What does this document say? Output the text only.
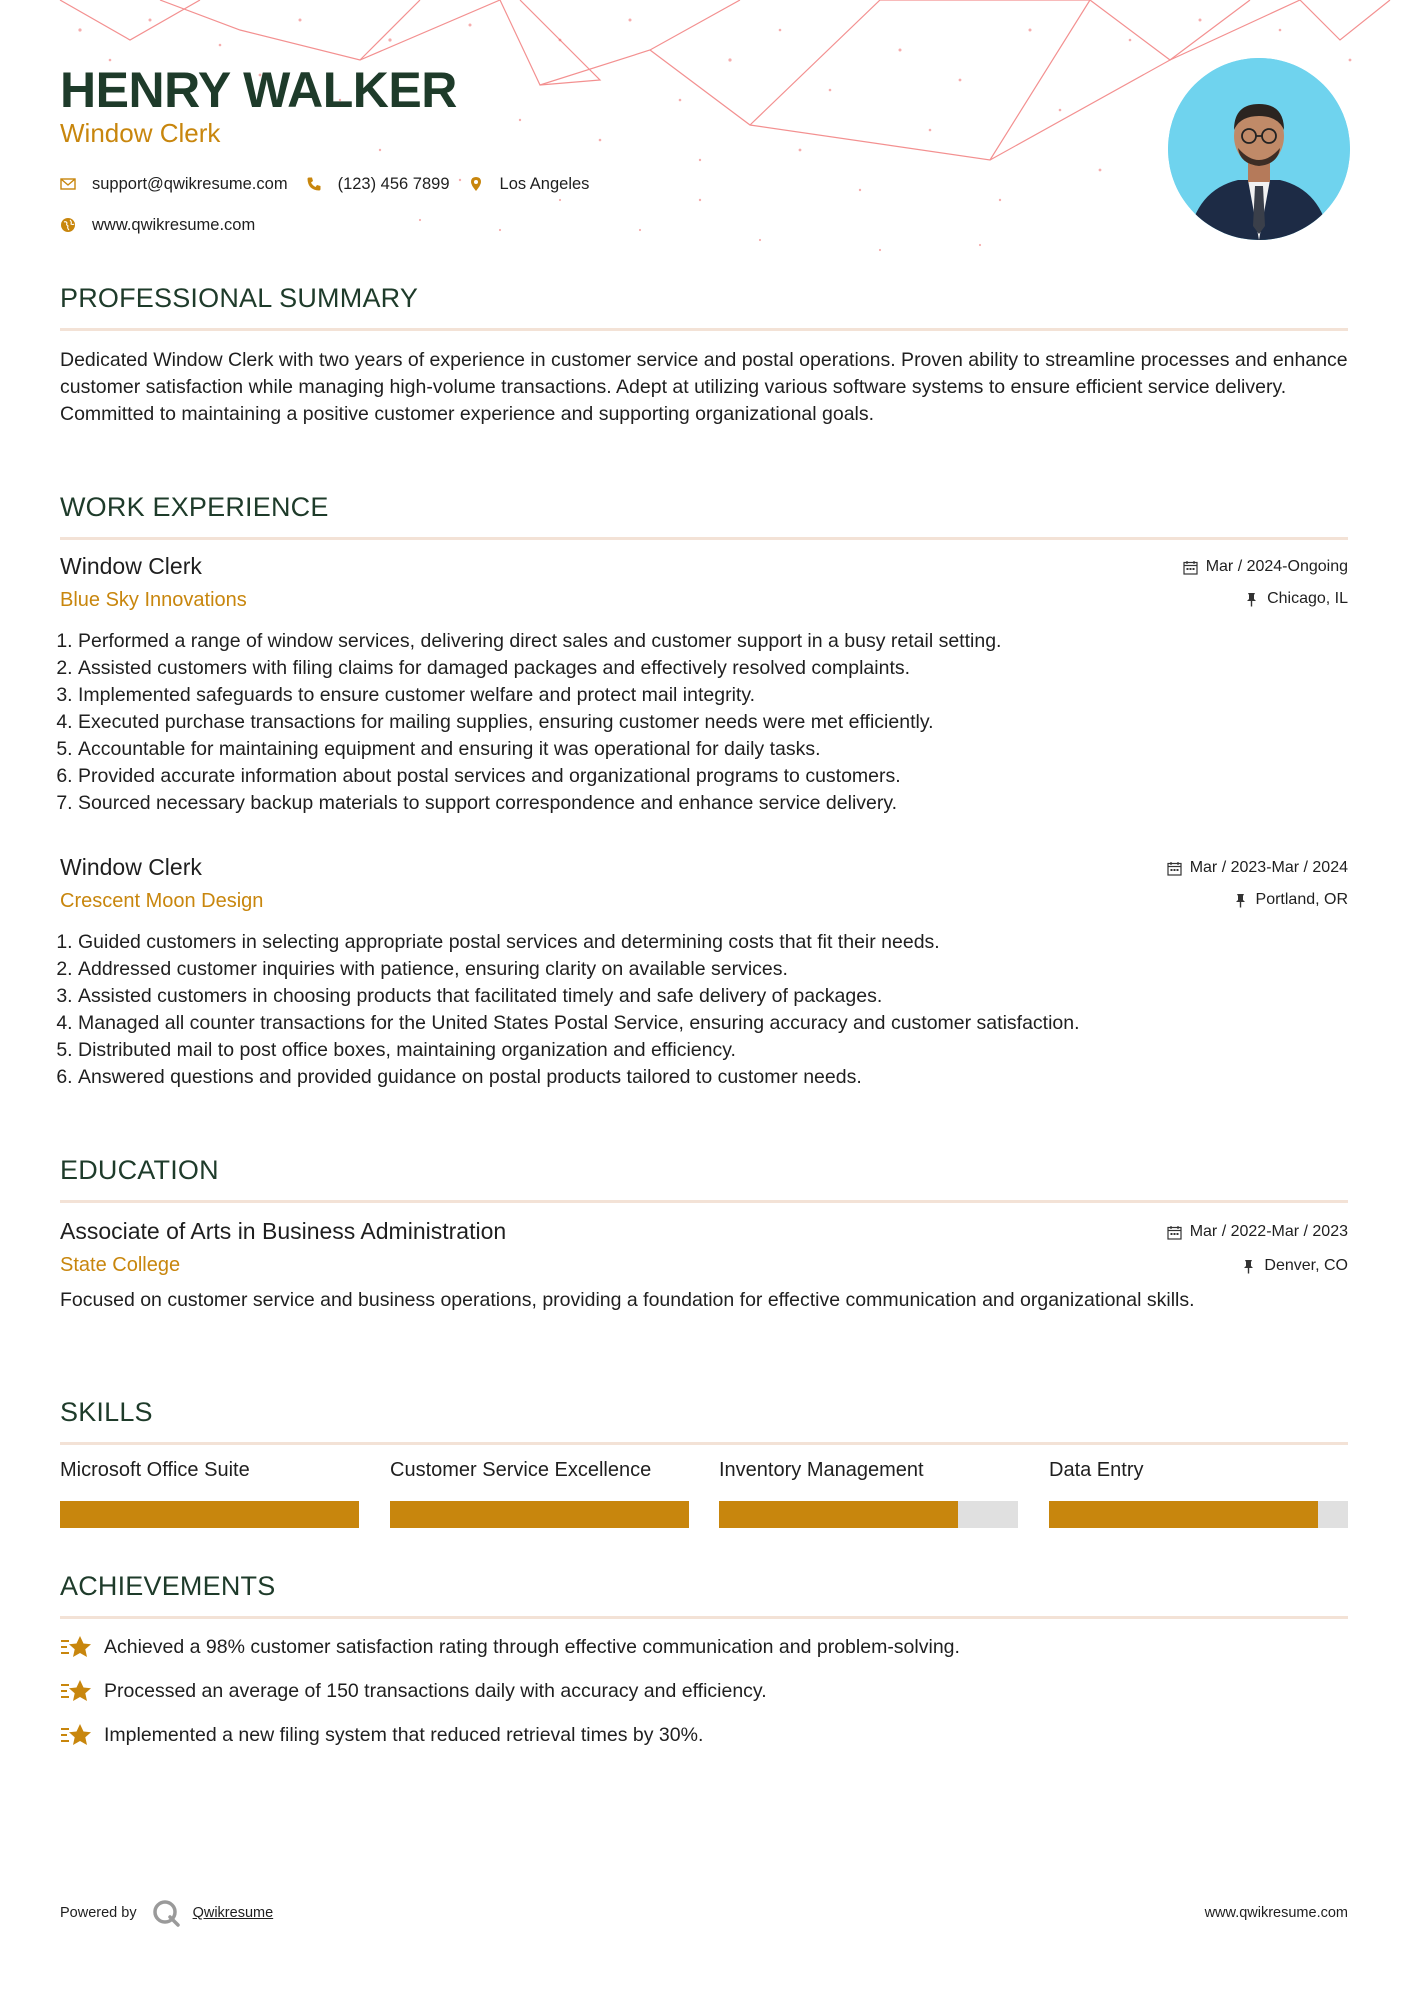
HENRY WALKER
Window Clerk
support@qwikresume.com	(123) 456 7899	Los Angeles
www.qwikresume.com
PROFESSIONAL SUMMARY
Dedicated Window Clerk with two years of experience in customer service and postal operations. Proven ability to streamline processes and enhance customer satisfaction while managing high-volume transactions. Adept at utilizing various software systems to ensure efficient service delivery. Committed to maintaining a positive customer experience and supporting organizational goals.
WORK EXPERIENCE
Window Clerk
Blue Sky Innovations
Mar / 2024-Ongoing
Chicago, IL
1. Performed a range of window services, delivering direct sales and customer support in a busy retail setting.
2. Assisted customers with filing claims for damaged packages and effectively resolved complaints.
3. Implemented safeguards to ensure customer welfare and protect mail integrity.
4. Executed purchase transactions for mailing supplies, ensuring customer needs were met efficiently.
5. Accountable for maintaining equipment and ensuring it was operational for daily tasks.
6. Provided accurate information about postal services and organizational programs to customers.
7. Sourced necessary backup materials to support correspondence and enhance service delivery.
Window Clerk
Crescent Moon Design
Mar / 2023-Mar / 2024
Portland, OR
1. Guided customers in selecting appropriate postal services and determining costs that fit their needs.
2. Addressed customer inquiries with patience, ensuring clarity on available services.
3. Assisted customers in choosing products that facilitated timely and safe delivery of packages.
4. Managed all counter transactions for the United States Postal Service, ensuring accuracy and customer satisfaction.
5. Distributed mail to post office boxes, maintaining organization and efficiency.
6. Answered questions and provided guidance on postal products tailored to customer needs.
EDUCATION
Associate of Arts in Business Administration
State College
Mar / 2022-Mar / 2023
Denver, CO
Focused on customer service and business operations, providing a foundation for effective communication and organizational skills.
SKILLS
Microsoft Office Suite	Customer Service Excellence	Inventory Management	Data Entry
ACHIEVEMENTS
Achieved a 98% customer satisfaction rating through effective communication and problem-solving.
Processed an average of 150 transactions daily with accuracy and efficiency.
Implemented a new filing system that reduced retrieval times by 30%.
Powered by	Qwikresume	www.qwikresume.com
